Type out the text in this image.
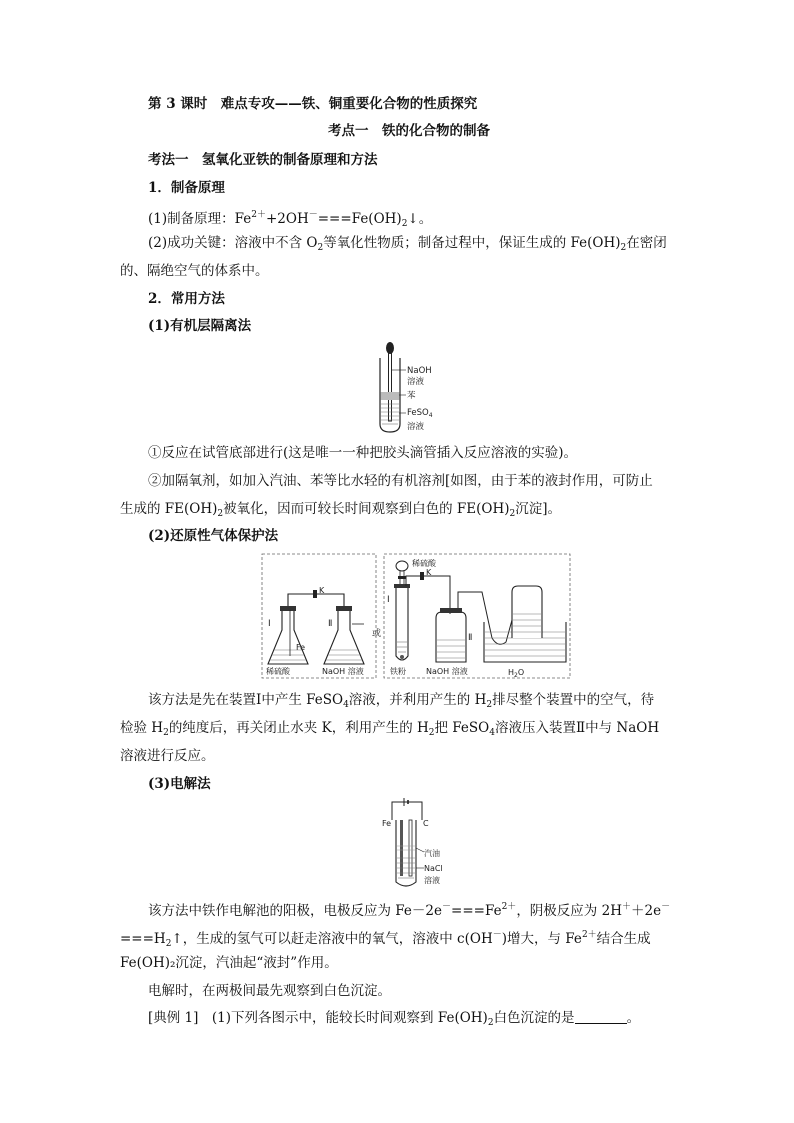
第 3 课时　难点专攻——铁、铜重要化合物的性质探究
考点一　铁的化合物的制备
考法一　氢氧化亚铁的制备原理和方法
1．制备原理
(1)制备原理：$Fe^{2+}+2OH^-===Fe(OH)_2↓$。
(2)成功关键：溶液中不含 $O_2$等氧化性物质；制备过程中，保证生成的 $Fe(OH)_2$在密闭
的、隔绝空气的体系中。
2．常用方法
(1)有机层隔离法
NaOH
溶液
苯
FeSO$_4$
溶液
①反应在试管底部进行(这是唯一一种把胶头滴管插入反应溶液的实验)。
②加隔氧剂，如加入汽油、苯等比水轻的有机溶剂[如图，由于苯的液封作用，可防止
生成的 $FE(OH)_2$被氧化，因而可较长时间观察到白色的 $FE(OH)_2$沉淀]。
(2)还原性气体保护法
K
Ⅰ	Ⅱ
Fe
稀硫酸	NaOH 溶液
或
稀硫酸
Ⅰ
K
Ⅱ
铁粉	NaOH 溶液	$H_2O$
该方法是先在装置Ⅰ中产生 FeSO$_4$溶液，并利用产生的 $H_2$排尽整个装置中的空气，待
检验 $H_2$的纯度后，再关闭止水夹 K，利用产生的 $H_2$把 FeSO$_4$溶液压入装置Ⅱ中与 NaOH
溶液进行反应。
(3)电解法
Fe	C
汽油
NaCl
溶液
该方法中铁作电解池的阳极，电极反应为 $Fe-2e^-===Fe^{2+}$，阴极反应为 2H＋＋2e－
$===H_2↑$，生成的氢气可以赶走溶液中的氧气，溶液中 c(OH－)增大，与 $Fe^{2+}$结合生成
Fe(OH)₂沉淀，汽油起“液封”作用。
电解时，在两极间最先观察到白色沉淀。
[典例 1]　(1)下列各图示中，能较长时间观察到 $Fe(OH)_2$白色沉淀的是	。
